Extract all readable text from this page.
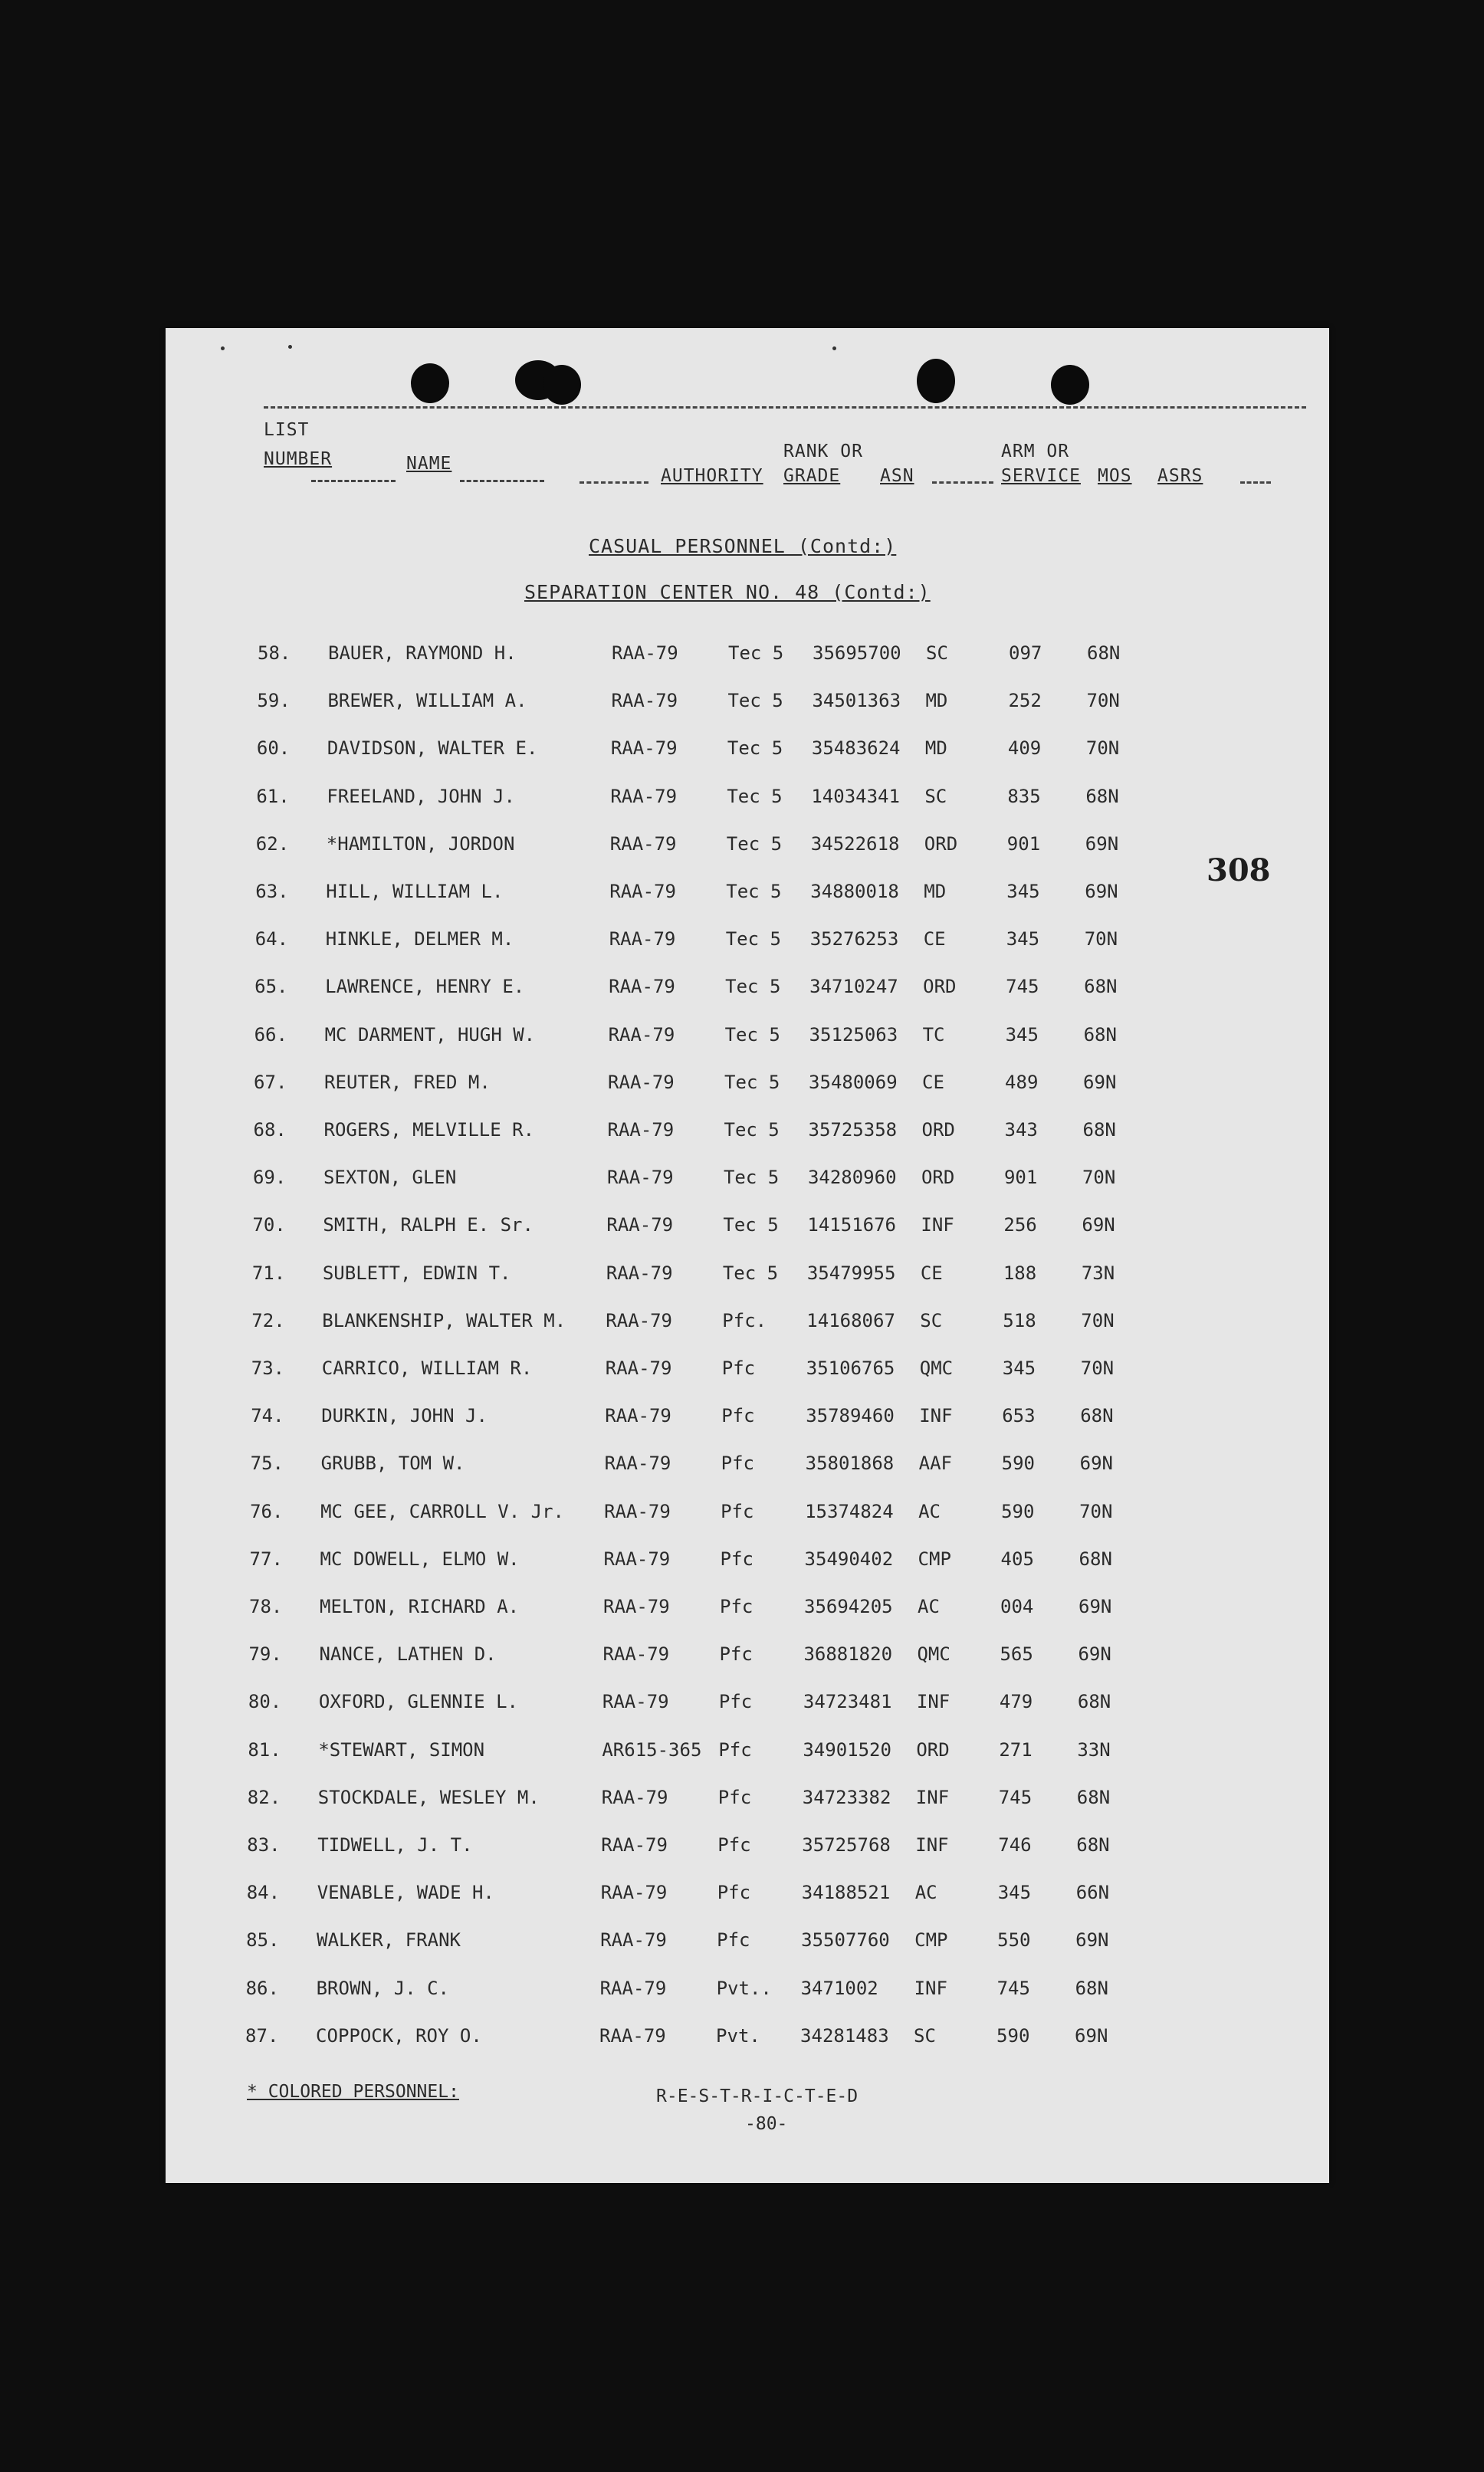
LIST
NUMBER	NAME
RANK OR
AUTHORITY GRADE ASN
ARM OR
SERVICE MOS ASRS
CASUAL PERSONNEL (Contd:)
SEPARATION CENTER NO. 48 (Contd:)
308
58. BAUER, RAYMOND H.	RAA-79	Tec 5 35695700 SC	097 68N
59. BREWER, WILLIAM A.	RAA-79	Tec 5 34501363 MD	252 70N
60. DAVIDSON, WALTER E.	RAA-79	Tec 5 35483624 MD	409 70N
61. FREELAND, JOHN J.	RAA-79	Tec 5 14034341 SC	835 68N
62. *HAMILTON, JORDON	RAA-79	Tec 5 34522618 ORD	901 69N
63. HILL, WILLIAM L.	RAA-79	Tec 5 34880018 MD	345 69N
64. HINKLE, DELMER M.	RAA-79	Tec 5 35276253 CE	345 70N
65. LAWRENCE, HENRY E.	RAA-79	Tec 5 34710247 ORD	745 68N
66. MC DARMENT, HUGH W.	RAA-79	Tec 5 35125063 TC	345 68N
67. REUTER, FRED M.	RAA-79	Tec 5 35480069 CE	489 69N
68. ROGERS, MELVILLE R.	RAA-79	Tec 5 35725358 ORD	343 68N
69. SEXTON, GLEN	RAA-79	Tec 5 34280960 ORD	901 70N
70. SMITH, RALPH E. Sr.	RAA-79	Tec 5 14151676 INF	256 69N
71. SUBLETT, EDWIN T.	RAA-79	Tec 5 35479955 CE	188 73N
72. BLANKENSHIP, WALTER M. RAA-79	Pfc. 14168067 SC	518 70N
73. CARRICO, WILLIAM R.	RAA-79	Pfc	35106765 QMC	345 70N
74. DURKIN, JOHN J.	RAA-79	Pfc	35789460 INF	653 68N
75. GRUBB, TOM W.	RAA-79	Pfc	35801868 AAF	590 69N
76. MC GEE, CARROLL V. Jr. RAA-79	Pfc	15374824 AC	590 70N
77. MC DOWELL, ELMO W.	RAA-79	Pfc	35490402 CMP	405 68N
78. MELTON, RICHARD A.	RAA-79	Pfc	35694205 AC	004 69N
79. NANCE, LATHEN D.	RAA-79	Pfc	36881820 QMC	565 69N
80. OXFORD, GLENNIE L.	RAA-79	Pfc	34723481 INF	479 68N
81. *STEWART, SIMON	AR615-365 Pfc	34901520 ORD	271 33N
82. STOCKDALE, WESLEY M.	RAA-79	Pfc	34723382 INF	745 68N
83. TIDWELL, J. T.	RAA-79	Pfc	35725768 INF	746 68N
84. VENABLE, WADE H.	RAA-79	Pfc	34188521 AC	345 66N
85. WALKER, FRANK	RAA-79	Pfc	35507760 CMP	550 69N
86. BROWN, J. C.	RAA-79	Pvt.. 3471002 INF	745 68N
87. COPPOCK, ROY O.	RAA-79	Pvt. 34281483 SC	590 69N
* COLORED PERSONNEL:	R-E-S-T-R-I-C-T-E-D
-80-
